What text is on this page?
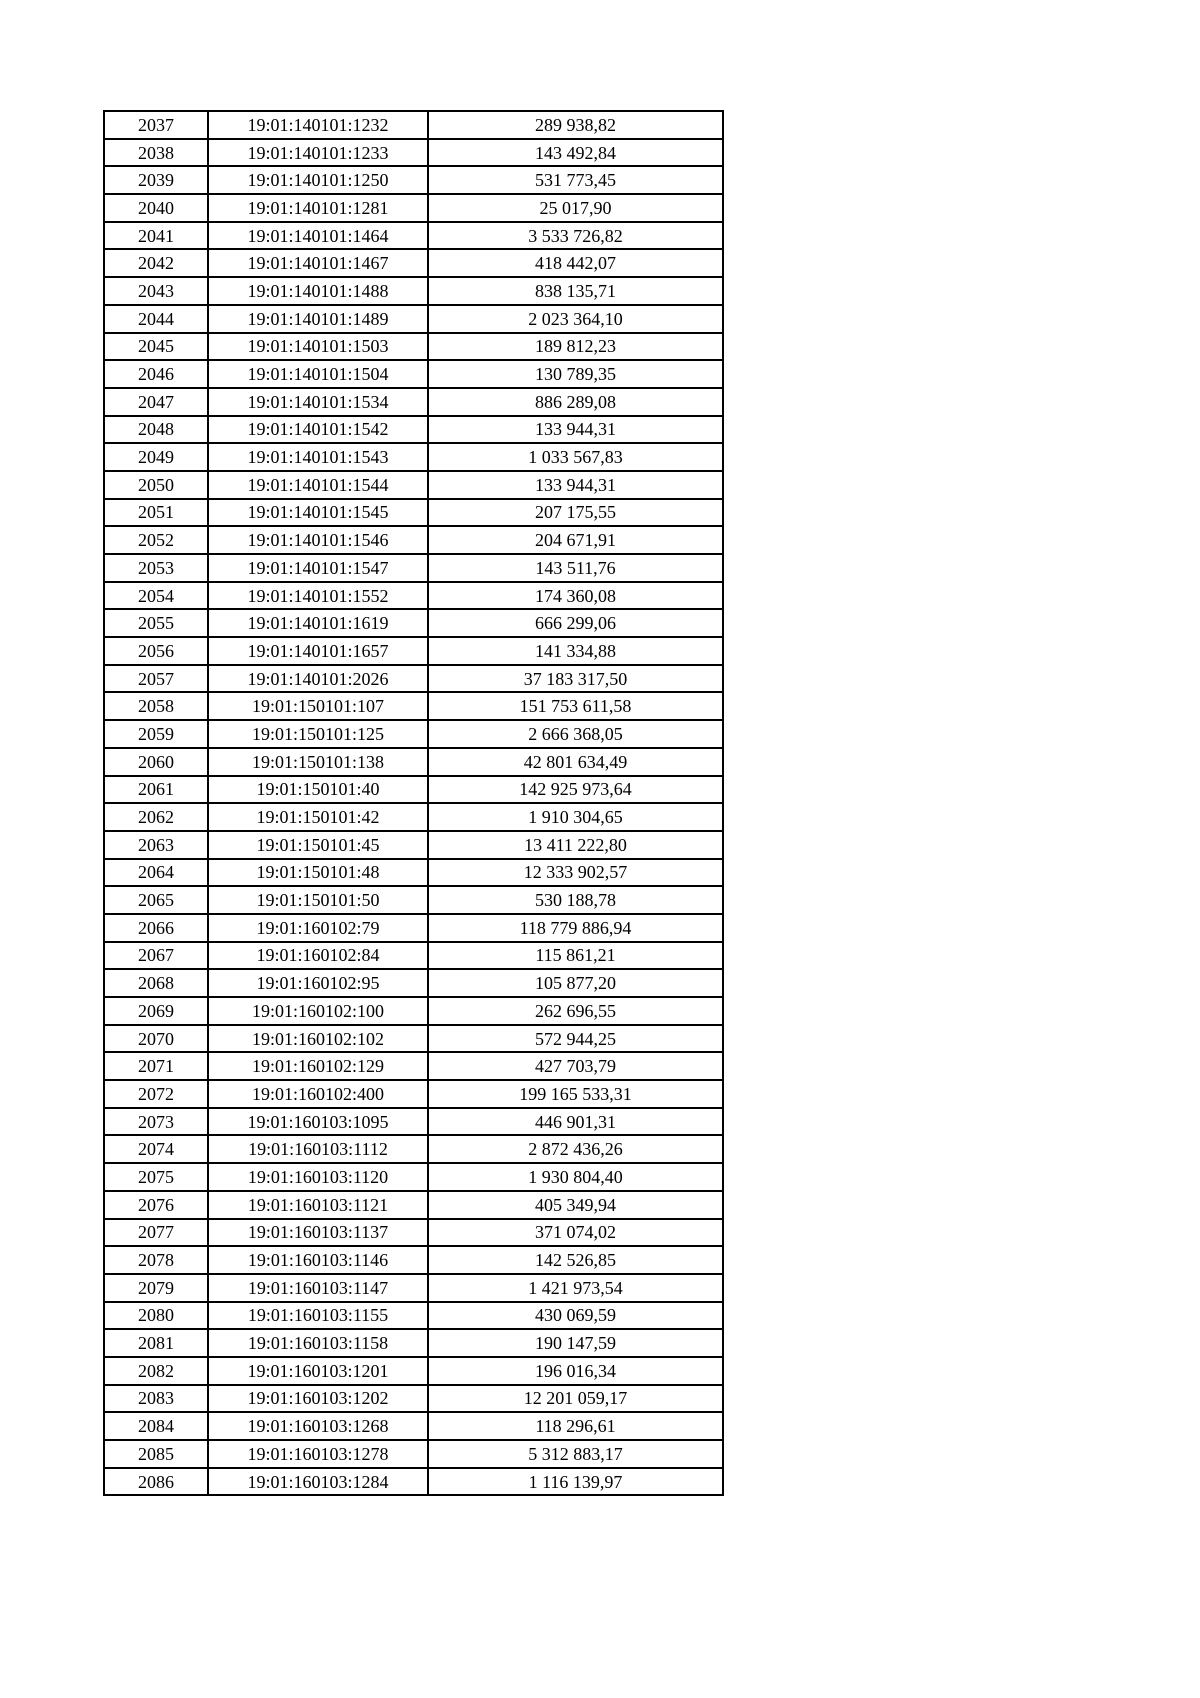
2037	19:01:140101:1232	289 938,82
2038	19:01:140101:1233	143 492,84
2039	19:01:140101:1250	531 773,45
2040	19:01:140101:1281	25 017,90
2041	19:01:140101:1464	3 533 726,82
2042	19:01:140101:1467	418 442,07
2043	19:01:140101:1488	838 135,71
2044	19:01:140101:1489	2 023 364,10
2045	19:01:140101:1503	189 812,23
2046	19:01:140101:1504	130 789,35
2047	19:01:140101:1534	886 289,08
2048	19:01:140101:1542	133 944,31
2049	19:01:140101:1543	1 033 567,83
2050	19:01:140101:1544	133 944,31
2051	19:01:140101:1545	207 175,55
2052	19:01:140101:1546	204 671,91
2053	19:01:140101:1547	143 511,76
2054	19:01:140101:1552	174 360,08
2055	19:01:140101:1619	666 299,06
2056	19:01:140101:1657	141 334,88
2057	19:01:140101:2026	37 183 317,50
2058	19:01:150101:107	151 753 611,58
2059	19:01:150101:125	2 666 368,05
2060	19:01:150101:138	42 801 634,49
2061	19:01:150101:40	142 925 973,64
2062	19:01:150101:42	1 910 304,65
2063	19:01:150101:45	13 411 222,80
2064	19:01:150101:48	12 333 902,57
2065	19:01:150101:50	530 188,78
2066	19:01:160102:79	118 779 886,94
2067	19:01:160102:84	115 861,21
2068	19:01:160102:95	105 877,20
2069	19:01:160102:100	262 696,55
2070	19:01:160102:102	572 944,25
2071	19:01:160102:129	427 703,79
2072	19:01:160102:400	199 165 533,31
2073	19:01:160103:1095	446 901,31
2074	19:01:160103:1112	2 872 436,26
2075	19:01:160103:1120	1 930 804,40
2076	19:01:160103:1121	405 349,94
2077	19:01:160103:1137	371 074,02
2078	19:01:160103:1146	142 526,85
2079	19:01:160103:1147	1 421 973,54
2080	19:01:160103:1155	430 069,59
2081	19:01:160103:1158	190 147,59
2082	19:01:160103:1201	196 016,34
2083	19:01:160103:1202	12 201 059,17
2084	19:01:160103:1268	118 296,61
2085	19:01:160103:1278	5 312 883,17
2086	19:01:160103:1284	1 116 139,97
